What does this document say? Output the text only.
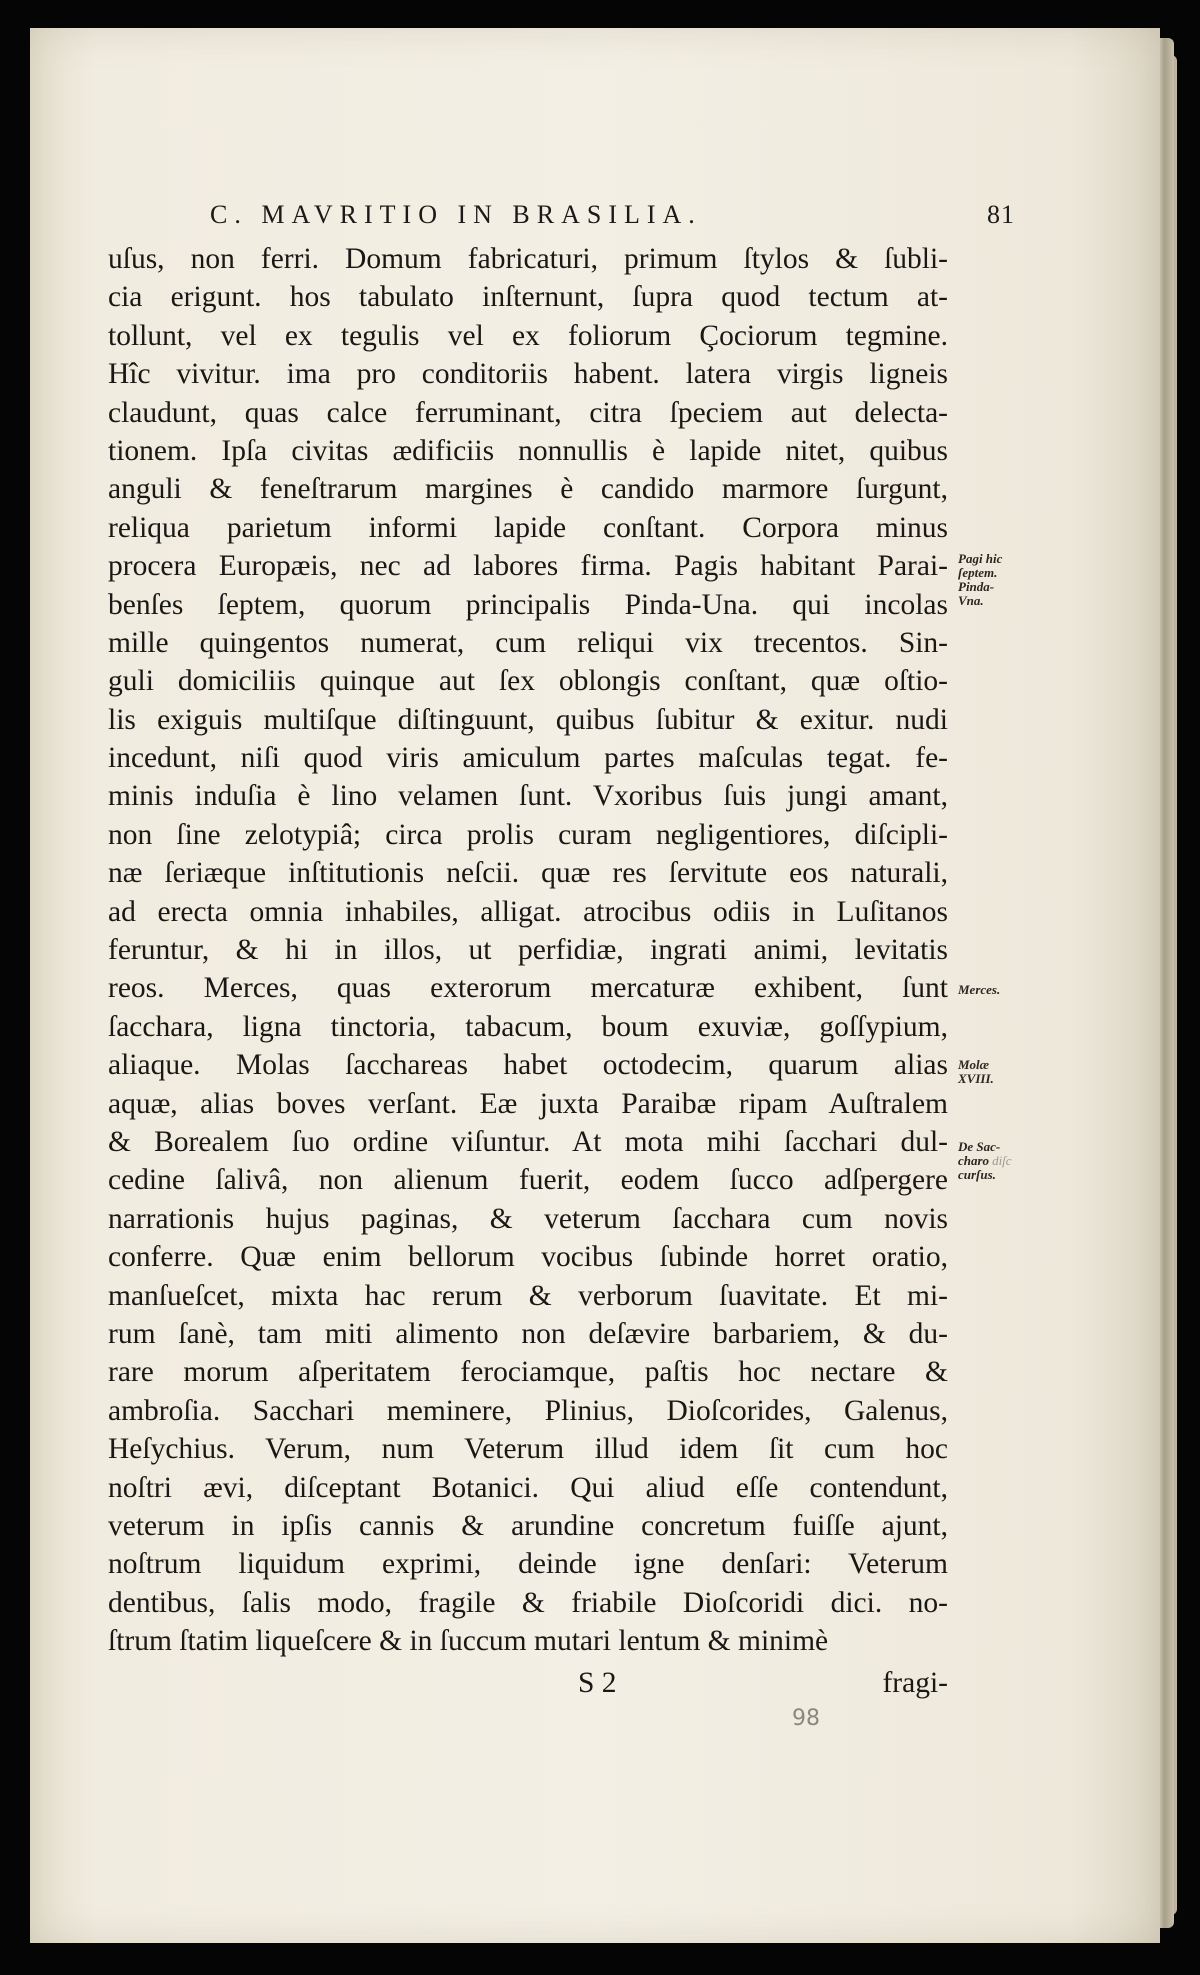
C. MAVRITIO IN BRASILIA.	81
uſus, non ferri. Domum fabricaturi, primum ſtylos & ſubli-
cia erigunt. hos tabulato inſternunt, ſupra quod tectum at-
tollunt, vel ex tegulis vel ex foliorum Çociorum tegmine.
Hîc vivitur. ima pro conditoriis habent. latera virgis ligneis
claudunt, quas calce ferruminant, citra ſpeciem aut delecta-
tionem. Ipſa civitas ædificiis nonnullis è lapide nitet, quibus
anguli & feneſtrarum margines è candido marmore ſurgunt,
reliqua parietum informi lapide conſtant. Corpora minus
procera Europæis, nec ad labores firma. Pagis habitant Parai-
benſes ſeptem, quorum principalis Pinda-Una. qui incolas
mille quingentos numerat, cum reliqui vix trecentos. Sin-
guli domiciliis quinque aut ſex oblongis conſtant, quæ oſtio-
lis exiguis multiſque diſtinguunt, quibus ſubitur & exitur. nudi
incedunt, niſi quod viris amiculum partes maſculas tegat. fe-
minis induſia è lino velamen ſunt. Vxoribus ſuis jungi amant,
non ſine zelotypiâ; circa prolis curam negligentiores, diſcipli-
næ ſeriæque inſtitutionis neſcii. quæ res ſervitute eos naturali,
ad erecta omnia inhabiles, alligat. atrocibus odiis in Luſitanos
feruntur, & hi in illos, ut perfidiæ, ingrati animi, levitatis
reos. Merces, quas exterorum mercaturæ exhibent, ſunt
ſacchara, ligna tinctoria, tabacum, boum exuviæ, goſſypium,
aliaque. Molas ſacchareas habet octodecim, quarum alias
aquæ, alias boves verſant. Eæ juxta Paraibæ ripam Auſtralem
& Borealem ſuo ordine viſuntur. At mota mihi ſacchari dul-
cedine ſalivâ, non alienum fuerit, eodem ſucco adſpergere
narrationis hujus paginas, & veterum ſacchara cum novis
conferre. Quæ enim bellorum vocibus ſubinde horret oratio,
manſueſcet, mixta hac rerum & verborum ſuavitate. Et mi-
rum ſanè, tam miti alimento non deſævire barbariem, & du-
rare morum aſperitatem ferociamque, paſtis hoc nectare &
ambroſia. Sacchari meminere, Plinius, Dioſcorides, Galenus,
Heſychius. Verum, num Veterum illud idem ſit cum hoc
noſtri ævi, diſceptant Botanici. Qui aliud eſſe contendunt,
veterum in ipſis cannis & arundine concretum fuiſſe ajunt,
noſtrum liquidum exprimi, deinde igne denſari: Veterum
dentibus, ſalis modo, fragile & friabile Dioſcoridi dici. no-
ſtrum ſtatim liqueſcere & in ſuccum mutari lentum & minimè
Pagi hic
ſeptem.
Pinda-
Vna.
Merces.
Molæ
XVIII.
De Sac-
charo diſc
curſus.
S 2	fragi-
98
